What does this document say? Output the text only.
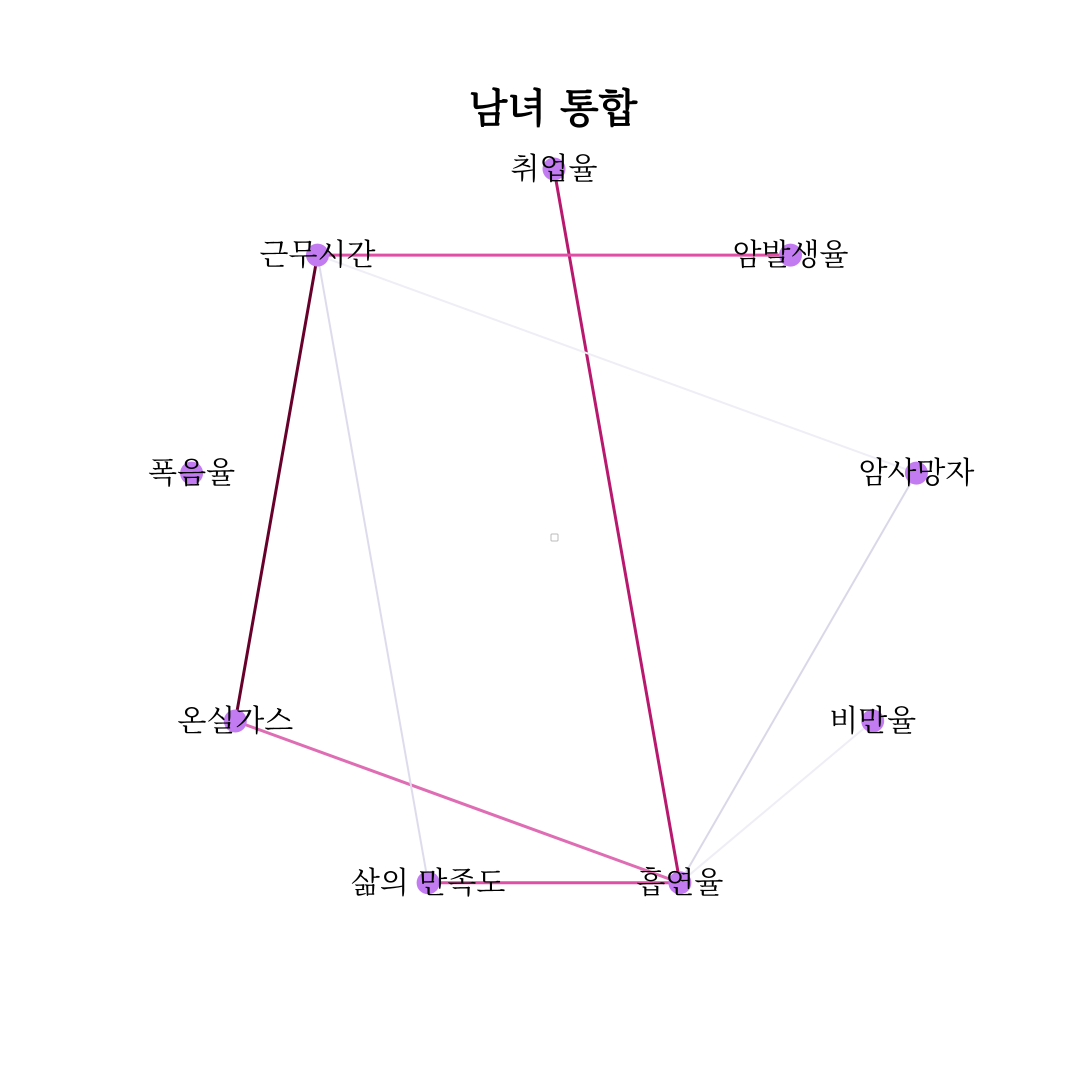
남녀 통합
취업율
암발생율
암사망자
비만율
흡연율
삶의 만족도
온실가스
폭음율
근무시간
